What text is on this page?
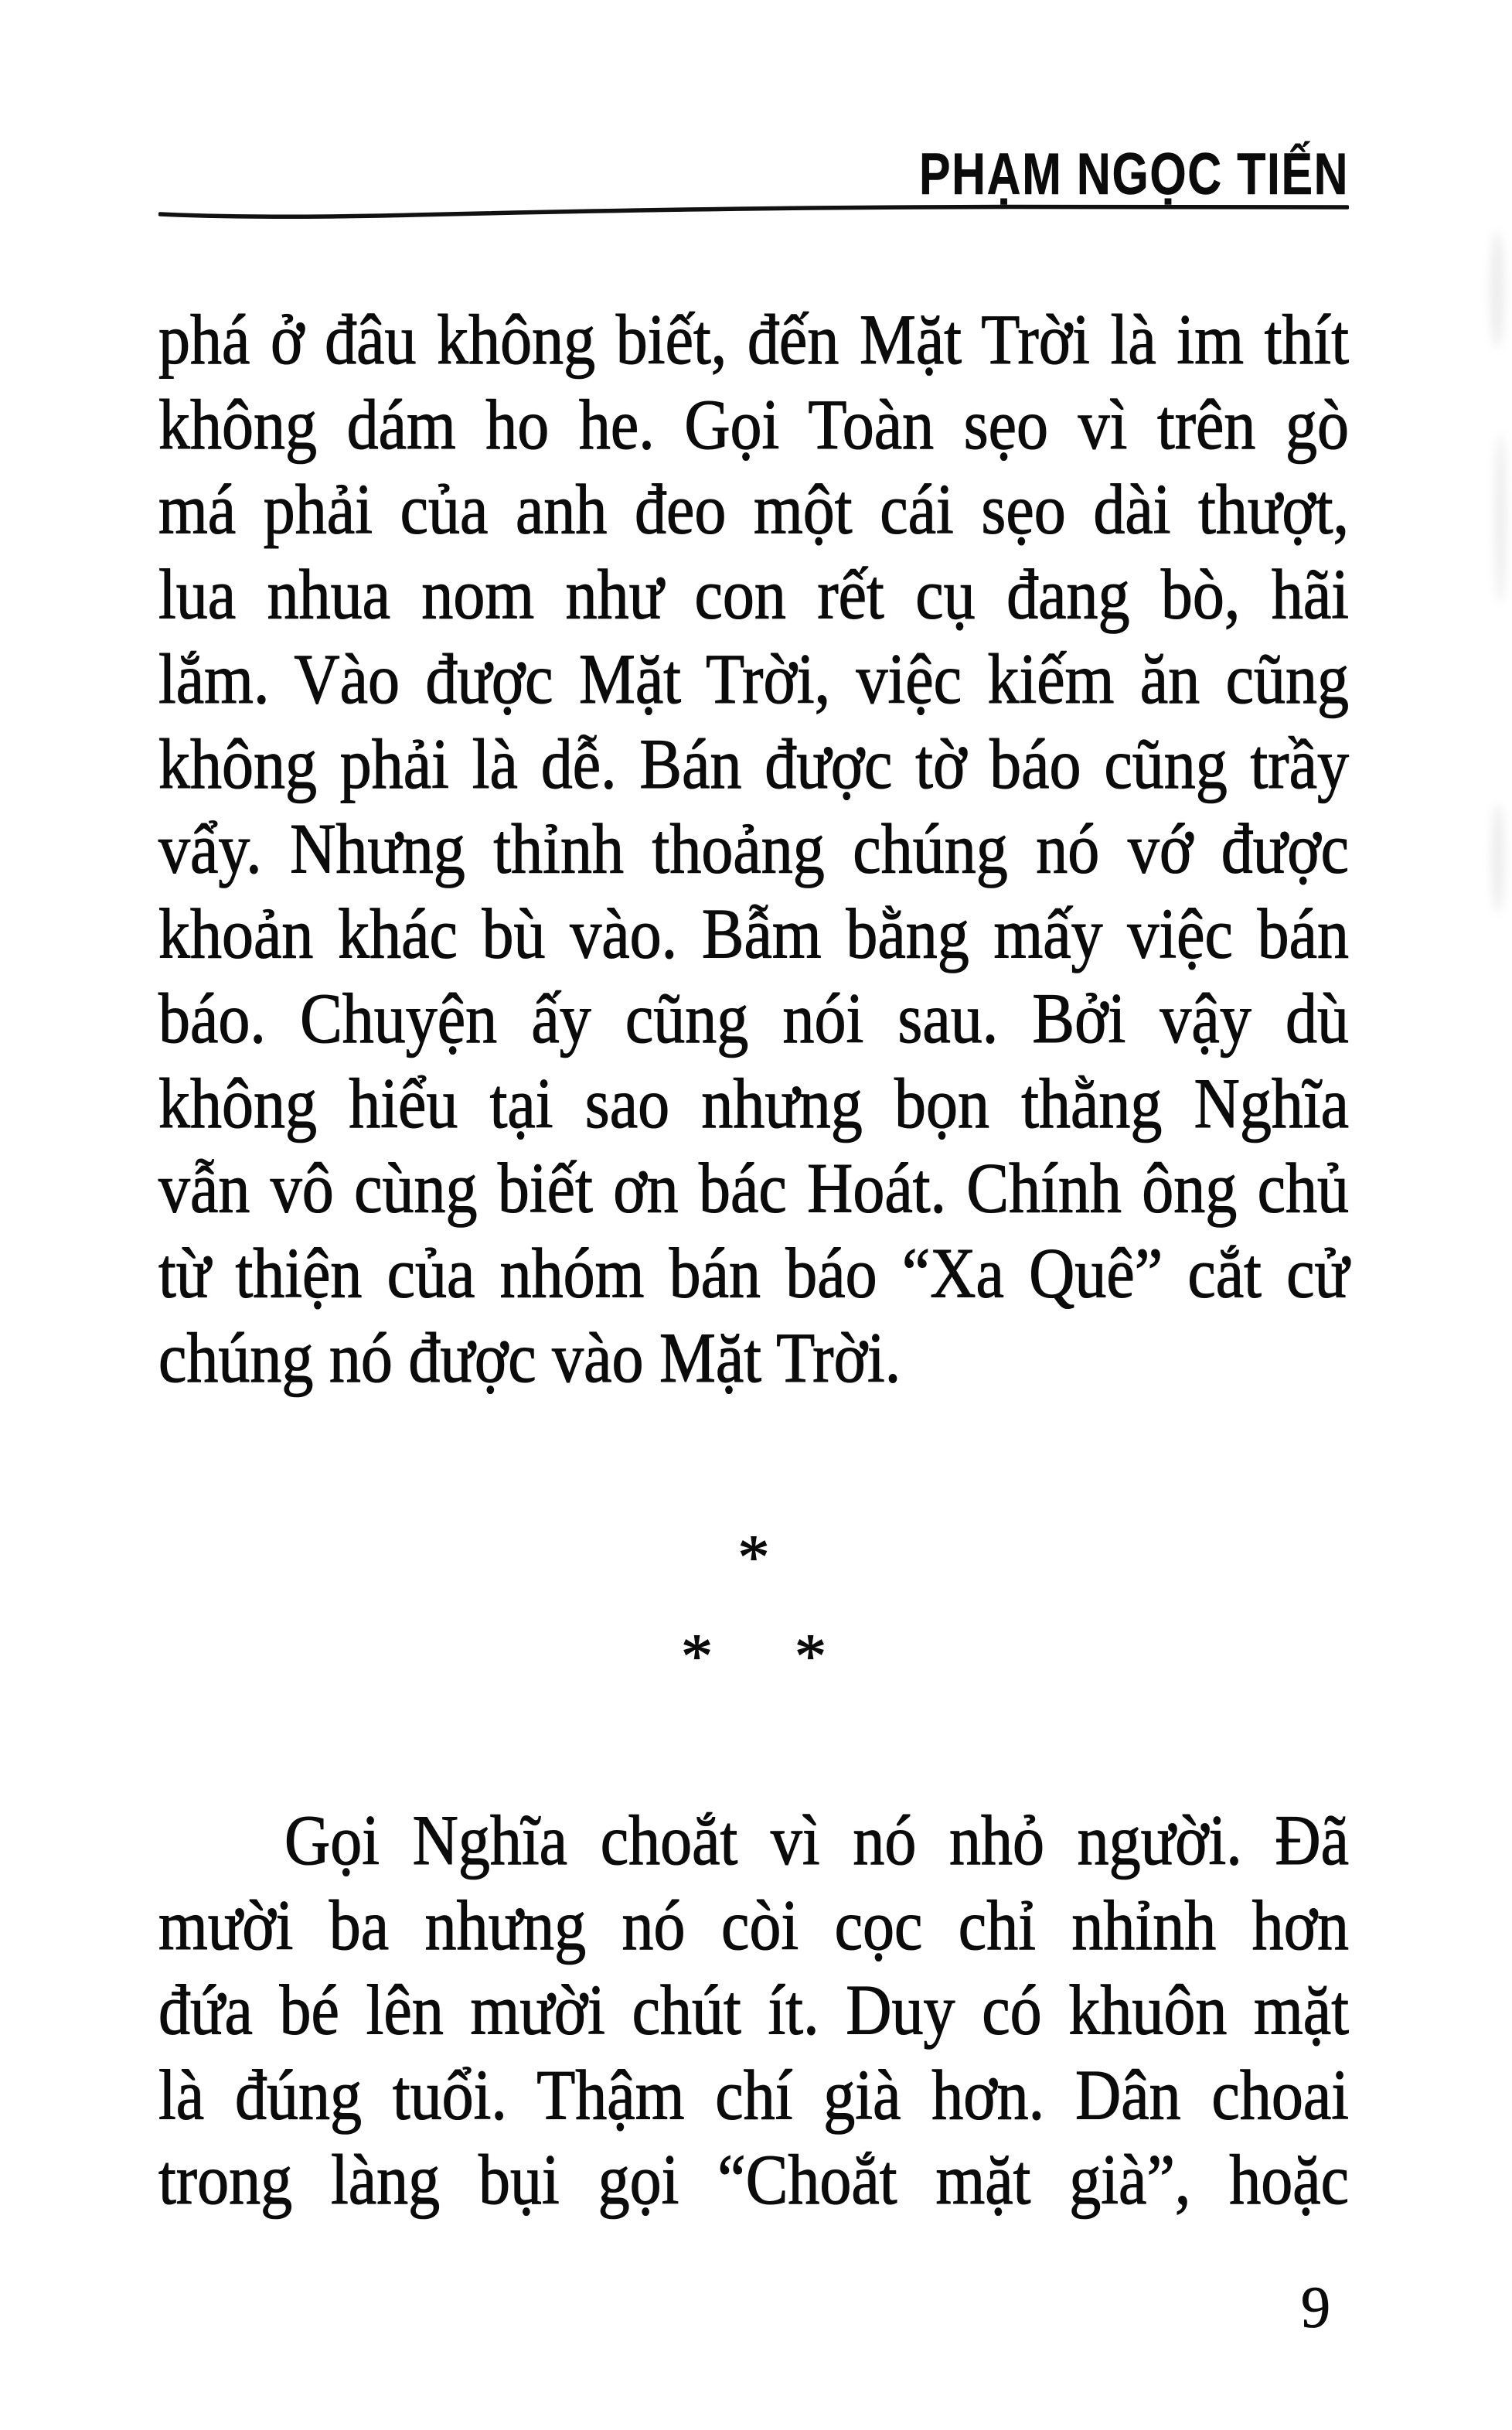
PHẠM NGỌC TIẾN
phá ở đâu không biết, đến Mặt Trời là im thít
không dám ho he. Gọi Toàn sẹo vì trên gò
má phải của anh đeo một cái sẹo dài thượt,
lua nhua nom như con rết cụ đang bò, hãi
lắm. Vào được Mặt Trời, việc kiếm ăn cũng
không phải là dễ. Bán được tờ báo cũng trầy
vẩy. Nhưng thỉnh thoảng chúng nó vớ được
khoản khác bù vào. Bẫm bằng mấy việc bán
báo. Chuyện ấy cũng nói sau. Bởi vậy dù
không hiểu tại sao nhưng bọn thằng Nghĩa
vẫn vô cùng biết ơn bác Hoát. Chính ông chủ
từ thiện của nhóm bán báo “Xa Quê” cắt cử
chúng nó được vào Mặt Trời.
*
* *
Gọi Nghĩa choắt vì nó nhỏ người. Đã
mười ba nhưng nó còi cọc chỉ nhỉnh hơn
đứa bé lên mười chút ít. Duy có khuôn mặt
là đúng tuổi. Thậm chí già hơn. Dân choai
trong làng bụi gọi “Choắt mặt già”, hoặc
9
